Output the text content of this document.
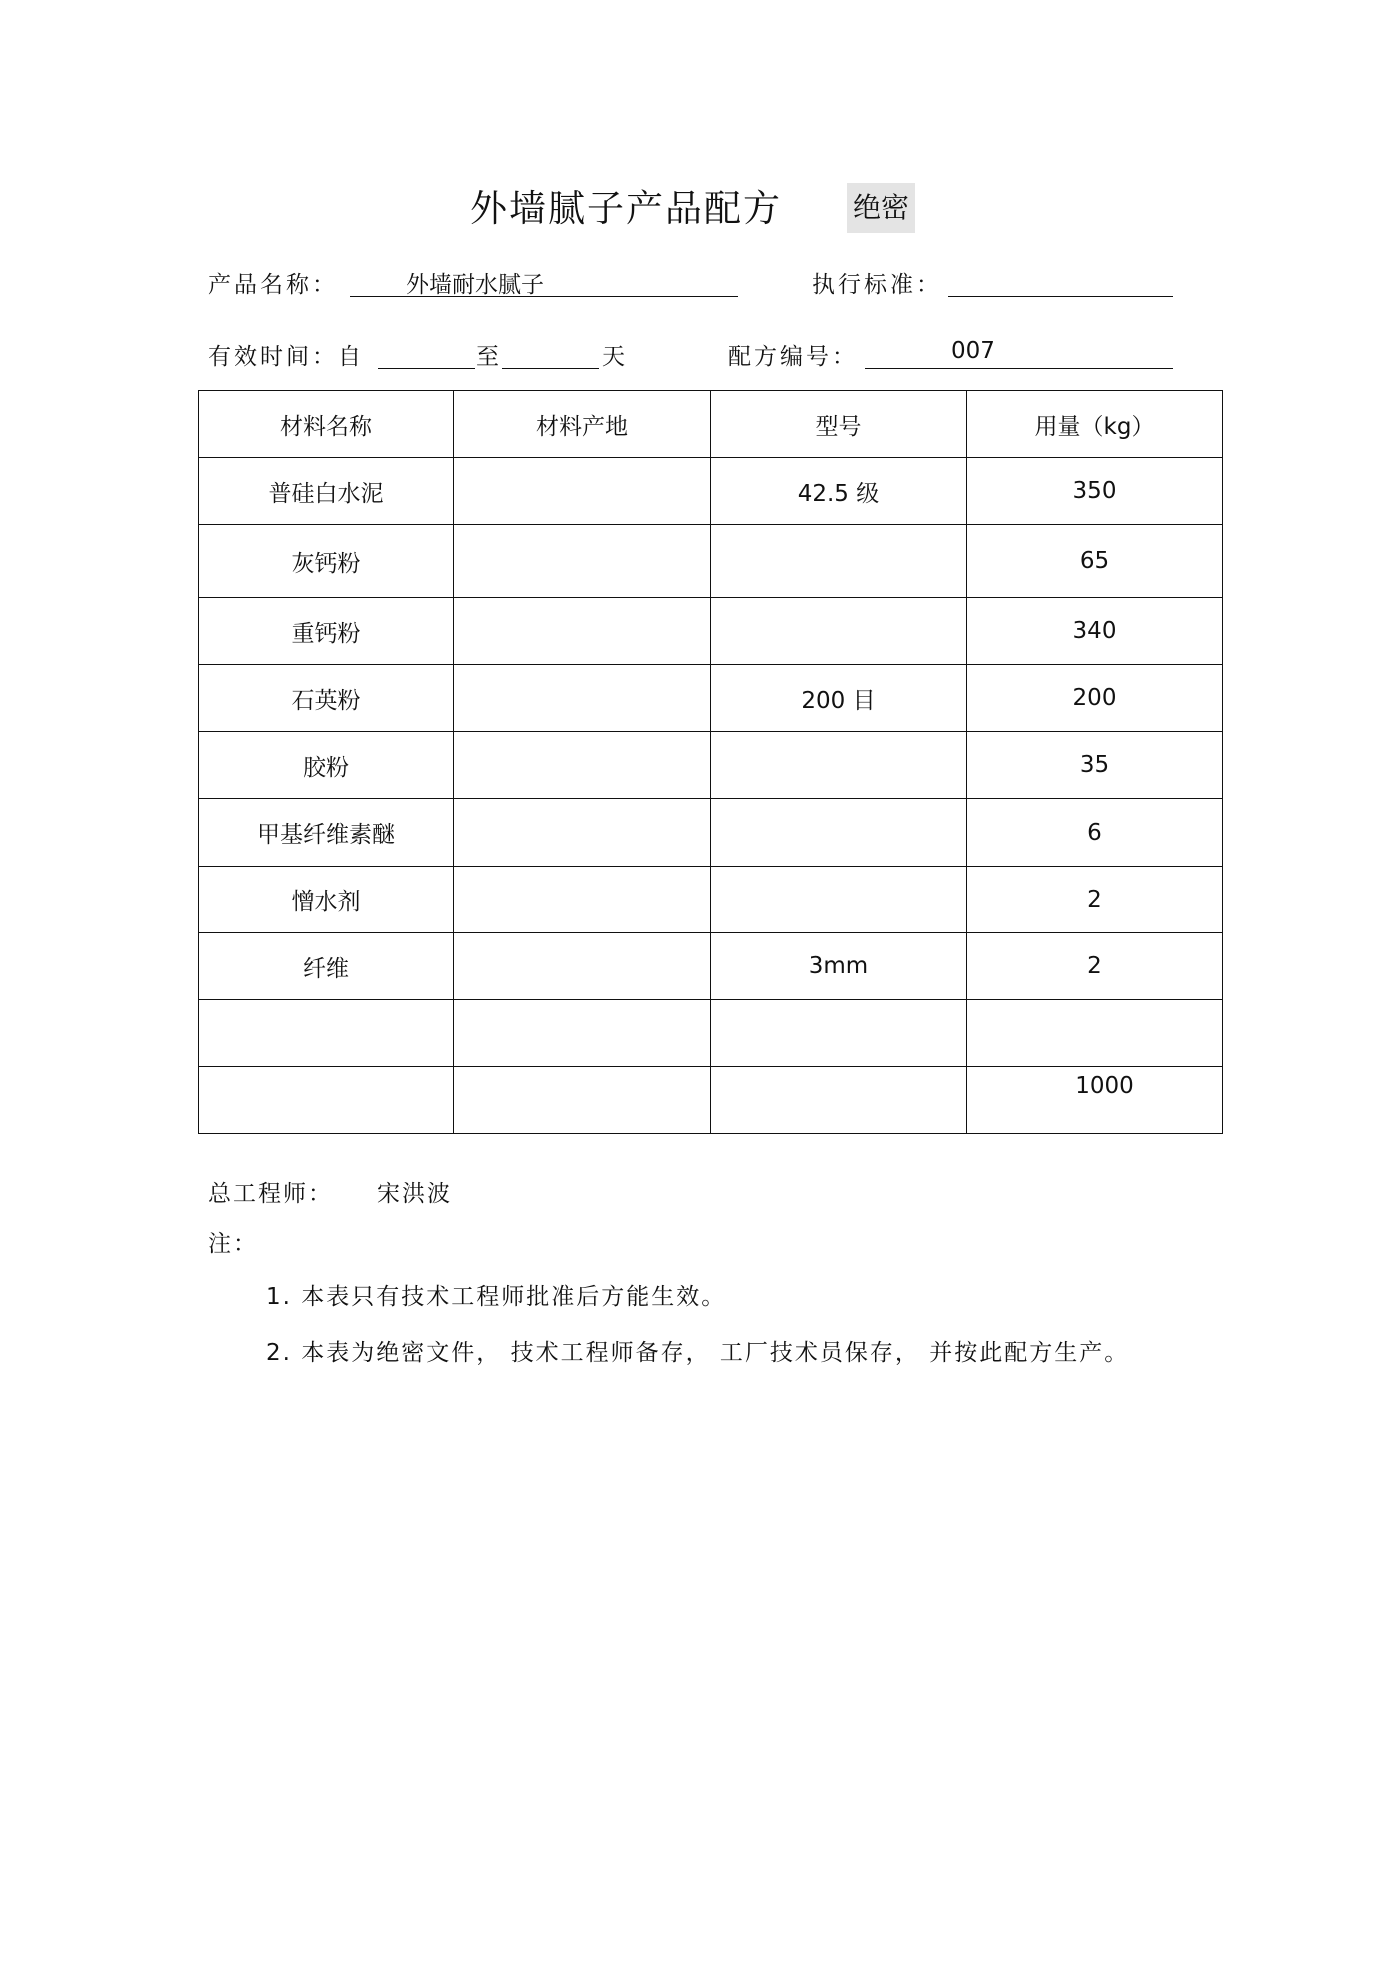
外墙腻子产品配方	绝密
产品名称：	外墙耐水腻子	执行标准：
有效时间：自	至	天	配方编号：	007
材料名称	材料产地	型号	用量（kg）
普硅白水泥		42.5 级	350
灰钙粉			65
重钙粉			340
石英粉		200 目	200
胶粉			35
甲基纤维素醚			6
憎水剂			2
纤维		3mm	2

			1000
总工程师： 宋洪波
注：
1. 本表只有技术工程师批准后方能生效。
2. 本表为绝密文件， 技术工程师备存， 工厂技术员保存， 并按此配方生产。
